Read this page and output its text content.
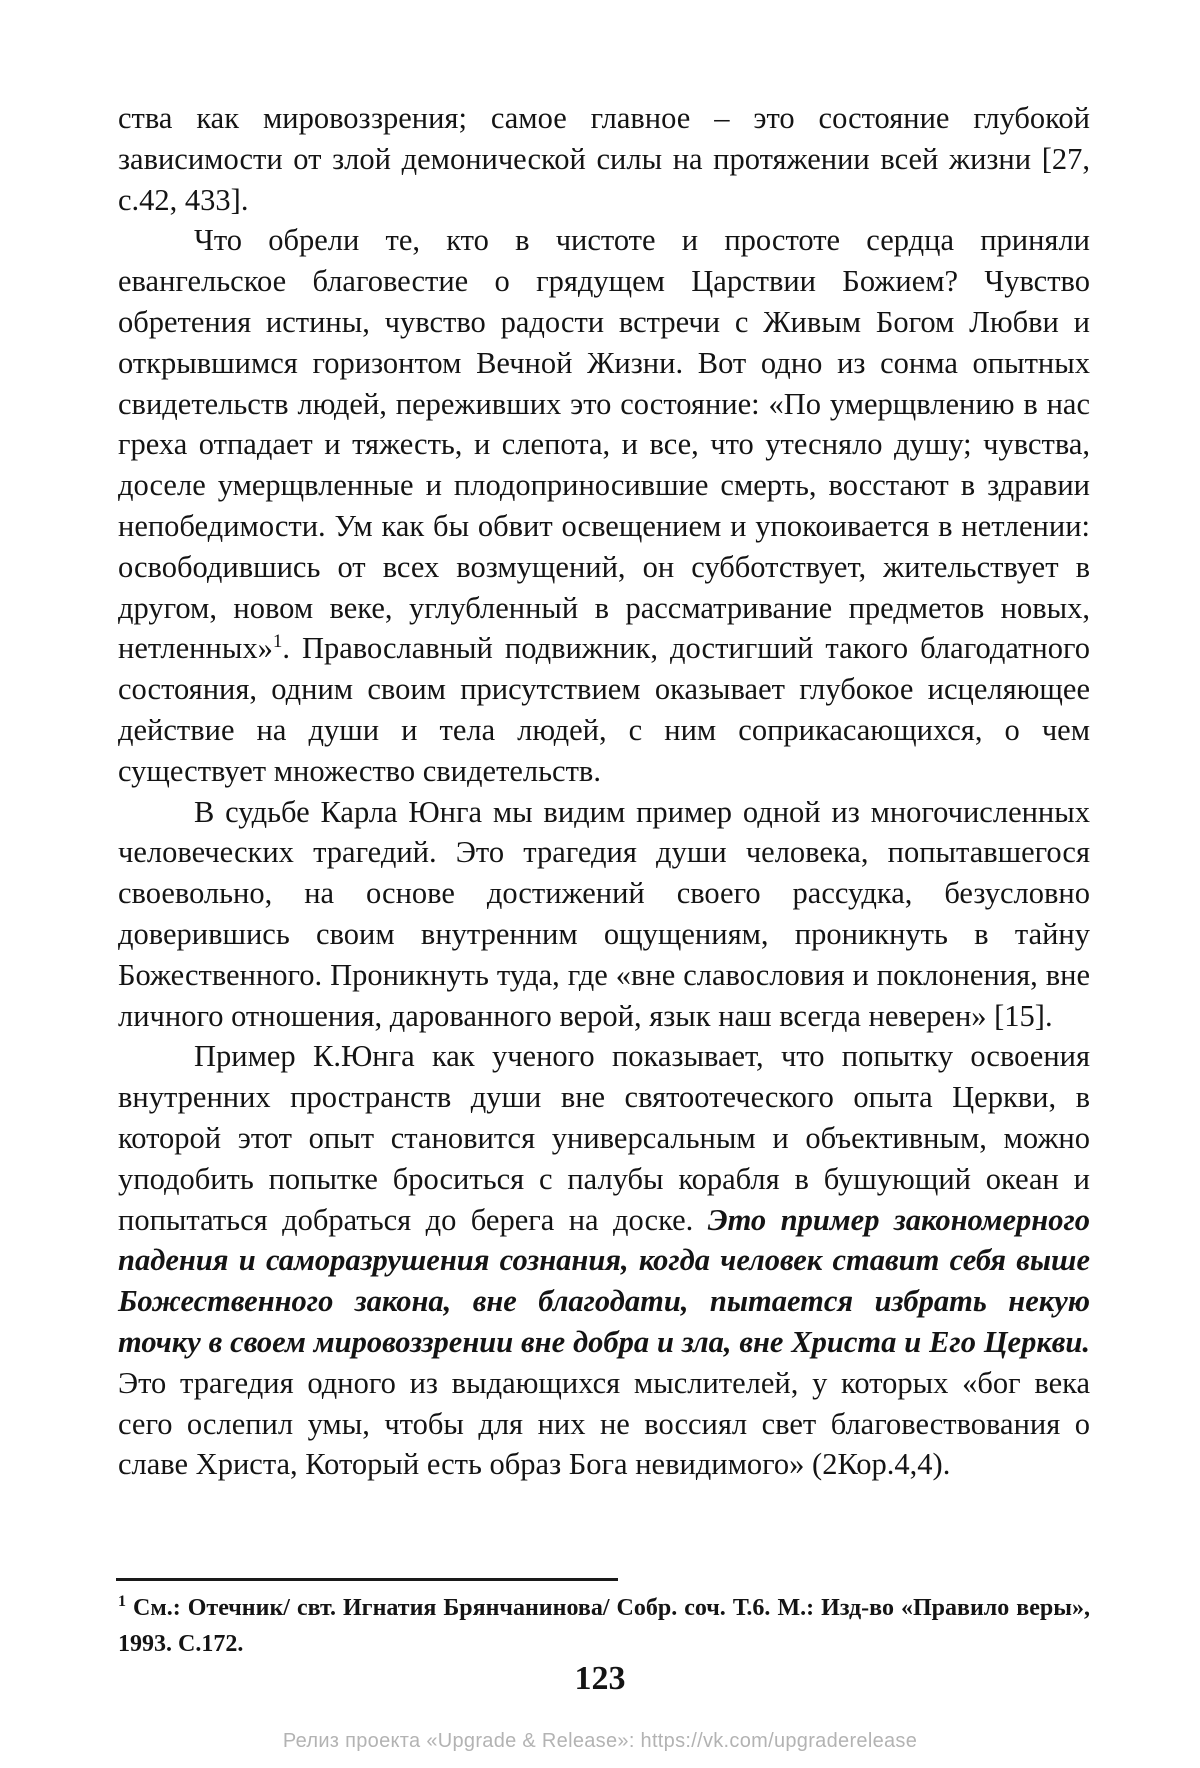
ства как мировоззрения; самое главное – это состояние глубокой зависимости от злой демонической силы на протяжении всей жизни [27, с.42, 433].

Что обрели те, кто в чистоте и простоте сердца приняли евангельское благовестие о грядущем Царствии Божием? Чувство обретения истины, чувство радости встречи с Живым Богом Любви и открывшимся горизонтом Вечной Жизни. Вот одно из сонма опытных свидетельств людей, переживших это состояние: «По умерщвлению в нас греха отпадает и тяжесть, и слепота, и все, что утесняло душу; чувства, доселе умерщвленные и плодоприносившие смерть, восстают в здравии непобедимости. Ум как бы обвит освещением и упокоивается в нетлении: освободившись от всех возмущений, он субботствует, жительствует в другом, новом веке, углубленный в рассматривание предметов новых, нетленных»$^1$. Православный подвижник, достигший такого благодатного состояния, одним своим присутствием оказывает глубокое исцеляющее действие на души и тела людей, с ним соприкасающихся, о чем существует множество свидетельств.

В судьбе Карла Юнга мы видим пример одной из многочисленных человеческих трагедий. Это трагедия души человека, попытавшегося своевольно, на основе достижений своего рассудка, безусловно доверившись своим внутренним ощущениям, проникнуть в тайну Божественного. Проникнуть туда, где «вне славословия и поклонения, вне личного отношения, дарованного верой, язык наш всегда неверен» [15].

Пример К.Юнга как ученого показывает, что попытку освоения внутренних пространств души вне святоотеческого опыта Церкви, в которой этот опыт становится универсальным и объективным, можно уподобить попытке броситься с палубы корабля в бушующий океан и попытаться добраться до берега на доске. Это пример закономерного падения и саморазрушения сознания, когда человек ставит себя выше Божественного закона, вне благодати, пытается избрать некую точку в своем мировоззрении вне добра и зла, вне Христа и Его Церкви. Это трагедия одного из выдающихся мыслителей, у которых «бог века сего ослепил умы, чтобы для них не воссиял свет благовествования о славе Христа, Который есть образ Бога невидимого» (2Кор.4,4).

$^1$ См.: Отечник/ свт. Игнатия Брянчанинова/ Собр. соч. Т.6. М.: Изд-во «Правило веры», 1993. С.172.
123
Релиз проекта «Upgrade & Release»: https://vk.com/upgraderelease
